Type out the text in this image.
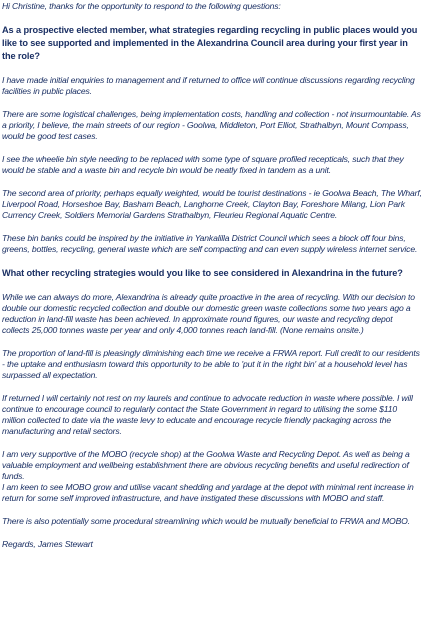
Hi Christine, thanks for the opportunity to respond to the following questions:

As a prospective elected member, what strategies regarding recycling in public places would you like to see supported and implemented in the Alexandrina Council area during your first year in the role?

I have made initial enquiries to management and if returned to office will continue discussions regarding recycling facilities in public places.

There are some logistical challenges, being implementation costs, handling and collection - not insurmountable. As a priority, I believe, the main streets of our region - Goolwa, Middleton, Port Elliot, Strathalbyn, Mount Compass, would be good test cases.

I see the wheelie bin style needing to be replaced with some type of square profiled recepticals, such that they would be stable and a waste bin and recycle bin would be neatly fixed in tandem as a unit.

The second area of priority, perhaps equally weighted, would be tourist destinations - ie Goolwa Beach, The Wharf, Liverpool Road, Horseshoe Bay, Basham Beach, Langhorne Creek, Clayton Bay, Foreshore Milang, Lion Park Currency Creek, Soldiers Memorial Gardens Strathalbyn, Fleurieu Regional Aquatic Centre.

These bin banks could be inspired by the initiative in Yankalilla District Council which sees a block off four bins, greens, bottles, recycling, general waste which are self compacting and can even supply wireless internet service.

What other recycling strategies would you like to see considered in Alexandrina in the future?

While we can always do more, Alexandrina is already quite proactive in the area of recycling. With our decision to double our domestic recycled collection and double our domestic green waste collections some two years ago a reduction in land-fill waste has been achieved. In approximate round figures, our waste and recycling depot collects 25,000 tonnes waste per year and only 4,000 tonnes reach land-fill. (None remains onsite.)

The proportion of land-fill is pleasingly diminishing each time we receive a FRWA report. Full credit to our residents - the uptake and enthusiasm toward this opportunity to be able to 'put it in the right bin' at a household level has surpassed all expectation.

If returned I will certainly not rest on my laurels and continue to advocate reduction in waste where possible. I will continue to encourage council to regularly contact the State Government in regard to utilising the some $110 million collected to date via the waste levy to educate and encourage recycle friendly packaging across the manufacturing and retail sectors.

I am very supportive of the MOBO (recycle shop) at the Goolwa Waste and Recycling Depot. As well as being a valuable employment and wellbeing establishment there are obvious recycling benefits and useful redirection of funds.

I am keen to see MOBO grow and utilise vacant shedding and yardage at the depot with minimal rent increase in return for some self improved infrastructure, and have instigated these discussions with MOBO and staff.

There is also potentially some procedural streamlining which would be mutually beneficial to FRWA and MOBO.

Regards, James Stewart
